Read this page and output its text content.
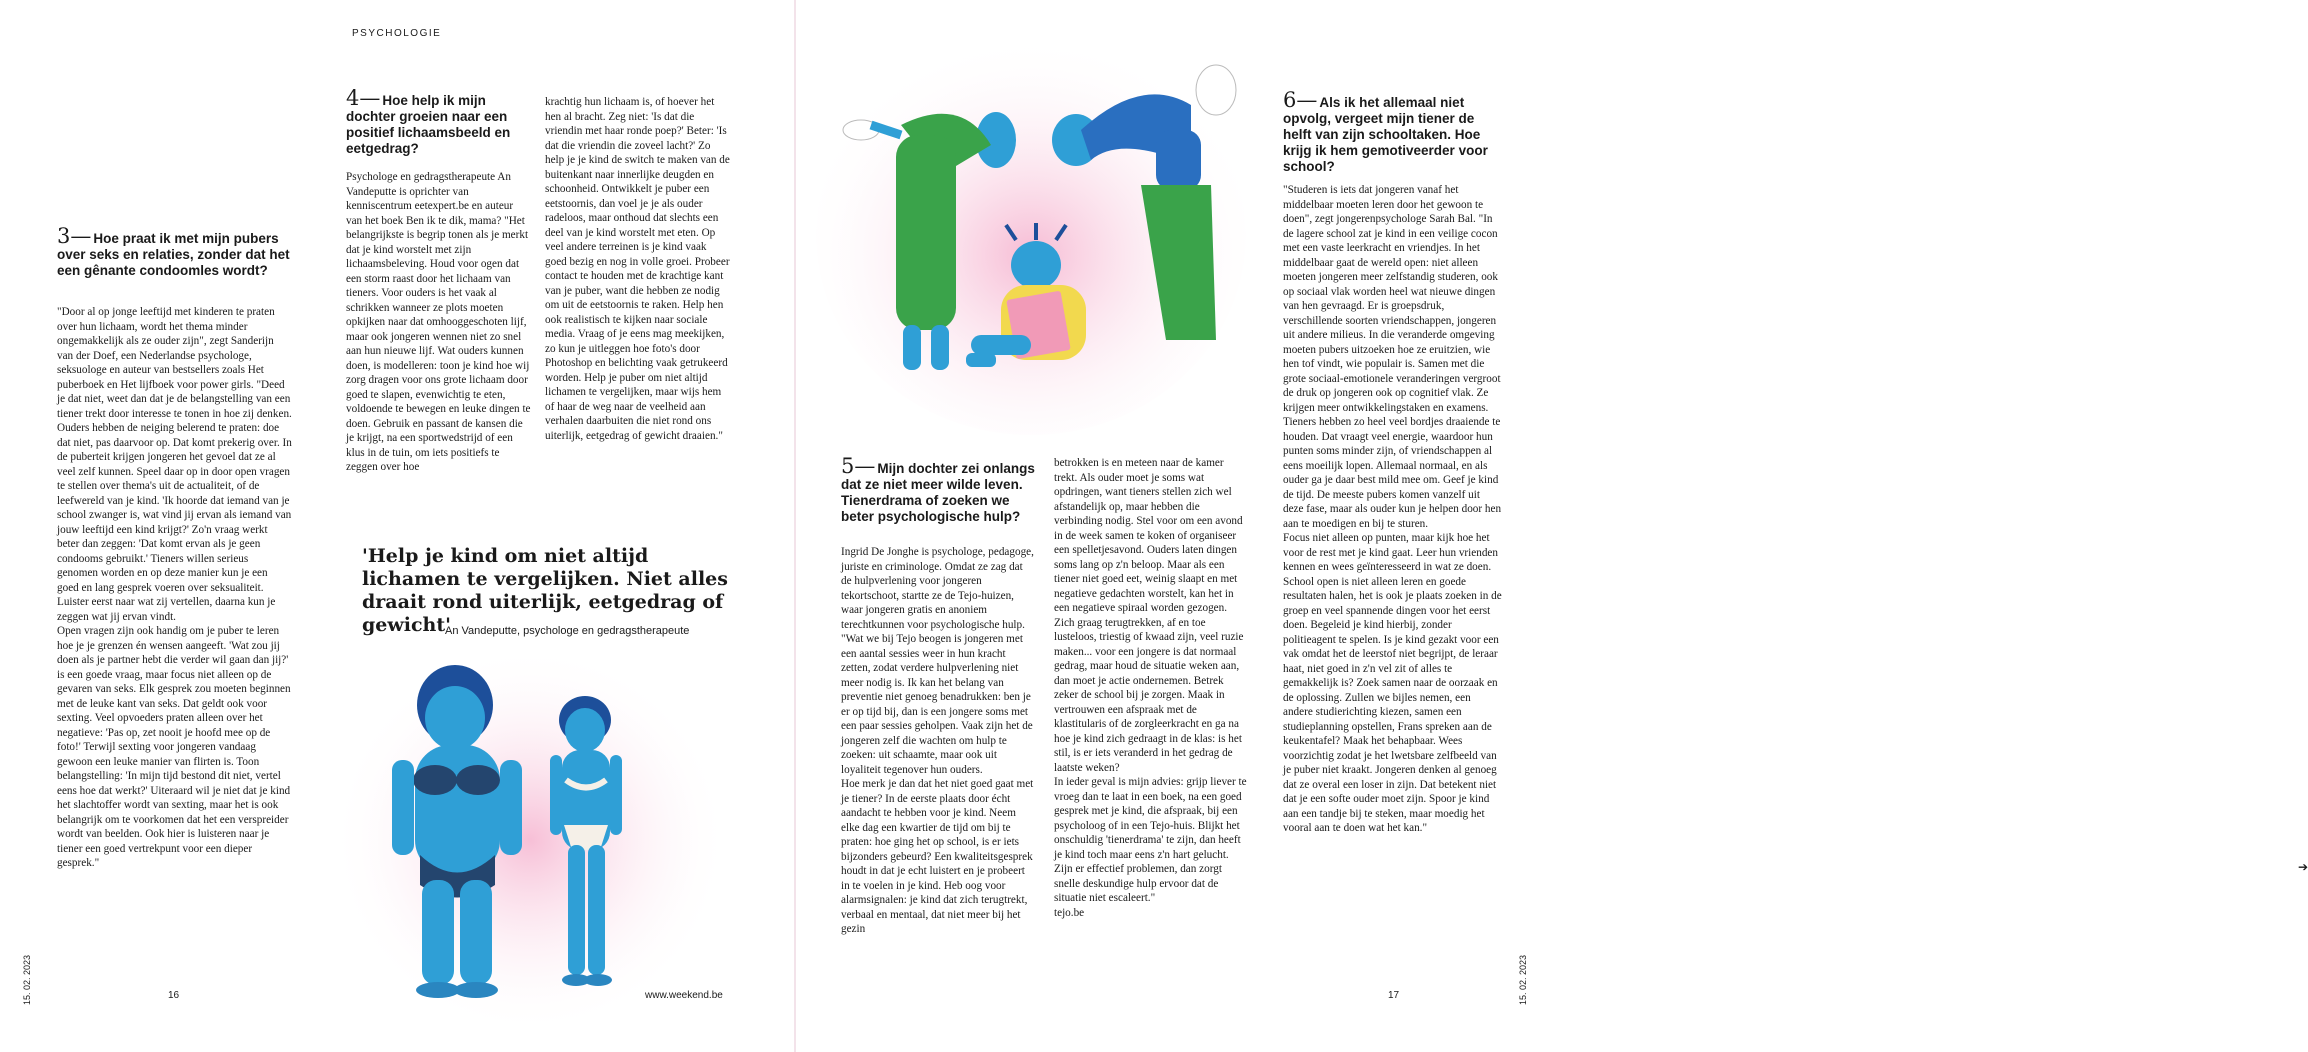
PSYCHOLOGIE
3— Hoe praat ik met mijn pubers over seks en relaties, zonder dat het een gênante condoomles wordt?
"Door al op jonge leeftijd met kinderen te praten over hun lichaam, wordt het thema minder ongemakkelijk als ze ouder zijn", zegt Sanderijn van der Doef, een Nederlandse psychologe, seksuologe en auteur van bestsellers zoals Het puberboek en Het lijfboek voor power girls. "Deed je dat niet, weet dan dat je de belangstelling van een tiener trekt door interesse te tonen in hoe zij denken. Ouders hebben de neiging belerend te praten: doe dat niet, pas daarvoor op. Dat komt prekerig over. In de puberteit krijgen jongeren het gevoel dat ze al veel zelf kunnen. Speel daar op in door open vragen te stellen over thema's uit de actualiteit, of de leefwereld van je kind. 'Ik hoorde dat iemand van je school zwanger is, wat vind jij ervan als iemand van jouw leeftijd een kind krijgt?' Zo'n vraag werkt beter dan zeggen: 'Dat komt ervan als je geen condooms gebruikt.' Tieners willen serieus genomen worden en op deze manier kun je een goed en lang gesprek voeren over seksualiteit. Luister eerst naar wat zij vertellen, daarna kun je zeggen wat jij ervan vindt.
Open vragen zijn ook handig om je puber te leren hoe je je grenzen én wensen aangeeft. 'Wat zou jij doen als je partner hebt die verder wil gaan dan jij?' is een goede vraag, maar focus niet alleen op de gevaren van seks. Elk gesprek zou moeten beginnen met de leuke kant van seks. Dat geldt ook voor sexting. Veel opvoeders praten alleen over het negatieve: 'Pas op, zet nooit je hoofd mee op de foto!' Terwijl sexting voor jongeren vandaag gewoon een leuke manier van flirten is. Toon belangstelling: 'In mijn tijd bestond dit niet, vertel eens hoe dat werkt?' Uiteraard wil je niet dat je kind het slachtoffer wordt van sexting, maar het is ook belangrijk om te voorkomen dat het een verspreider wordt van beelden. Ook hier is luisteren naar je tiener een goed vertrekpunt voor een dieper gesprek."
4— Hoe help ik mijn dochter groeien naar een positief lichaamsbeeld en eetgedrag?
Psychologe en gedragstherapeute An Vandeputte is oprichter van kenniscentrum eetexpert.be en auteur van het boek Ben ik te dik, mama? "Het belangrijkste is begrip tonen als je merkt dat je kind worstelt met zijn lichaamsbeleving. Houd voor ogen dat een storm raast door het lichaam van tieners. Voor ouders is het vaak al schrikken wanneer ze plots moeten opkijken naar dat omhooggeschoten lijf, maar ook jongeren wennen niet zo snel aan hun nieuwe lijf. Wat ouders kunnen doen, is modelleren: toon je kind hoe wij zorg dragen voor ons grote lichaam door goed te slapen, evenwichtig te eten, voldoende te bewegen en leuke dingen te doen. Gebruik en passant de kansen die je krijgt, na een sportwedstrijd of een klus in de tuin, om iets positiefs te zeggen over hoe
krachtig hun lichaam is, of hoever het hen al bracht. Zeg niet: 'Is dat die vriendin met haar ronde poep?' Beter: 'Is dat die vriendin die zoveel lacht?' Zo help je je kind de switch te maken van de buitenkant naar innerlijke deugden en schoonheid. Ontwikkelt je puber een eetstoornis, dan voel je je als ouder radeloos, maar onthoud dat slechts een deel van je kind worstelt met eten. Op veel andere terreinen is je kind vaak goed bezig en nog in volle groei. Probeer contact te houden met de krachtige kant van je puber, want die hebben ze nodig om uit de eetstoornis te raken. Help hen ook realistisch te kijken naar sociale media. Vraag of je eens mag meekijken, zo kun je uitleggen hoe foto's door Photoshop en belichting vaak getrukeerd worden. Help je puber om niet altijd lichamen te vergelijken, maar wijs hem of haar de weg naar de veelheid aan verhalen daarbuiten die niet rond ons uiterlijk, eetgedrag of gewicht draaien."
'Help je kind om niet altijd lichamen te vergelijken. Niet alles draait rond uiterlijk, eetgedrag of gewicht'
An Vandeputte, psychologe en gedragstherapeute
15. 02. 2023	16	www.weekend.be
6— Als ik het allemaal niet opvolg, vergeet mijn tiener de helft van zijn schooltaken. Hoe krijg ik hem gemotiveerder voor school?
"Studeren is iets dat jongeren vanaf het middelbaar moeten leren door het gewoon te doen", zegt jongerenpsychologe Sarah Bal. "In de lagere school zat je kind in een veilige cocon met een vaste leerkracht en vriendjes. In het middelbaar gaat de wereld open: niet alleen moeten jongeren meer zelfstandig studeren, ook op sociaal vlak worden heel wat nieuwe dingen van hen gevraagd. Er is groepsdruk, verschillende soorten vriendschappen, jongeren uit andere milieus. In die veranderde omgeving moeten pubers uitzoeken hoe ze eruitzien, wie hen tof vindt, wie populair is. Samen met die grote sociaal-emotionele veranderingen vergroot de druk op jongeren ook op cognitief vlak. Ze krijgen meer ontwikkelingstaken en examens. Tieners hebben zo heel veel bordjes draaiende te houden. Dat vraagt veel energie, waardoor hun punten soms minder zijn, of vriendschappen al eens moeilijk lopen. Allemaal normaal, en als ouder ga je daar best mild mee om. Geef je kind de tijd. De meeste pubers komen vanzelf uit deze fase, maar als ouder kun je helpen door hen aan te moedigen en bij te sturen.
Focus niet alleen op punten, maar kijk hoe het voor de rest met je kind gaat. Leer hun vrienden kennen en wees geïnteresseerd in wat ze doen. School open is niet alleen leren en goede resultaten halen, het is ook je plaats zoeken in de groep en veel spannende dingen voor het eerst doen. Begeleid je kind hierbij, zonder politieagent te spelen. Is je kind gezakt voor een vak omdat het de leerstof niet begrijpt, de leraar haat, niet goed in z'n vel zit of alles te gemakkelijk is? Zoek samen naar de oorzaak en de oplossing. Zullen we bijles nemen, een andere studierichting kiezen, samen een studieplanning opstellen, Frans spreken aan de keukentafel? Maak het behapbaar. Wees voorzichtig zodat je het lwetsbare zelfbeeld van je puber niet kraakt. Jongeren denken al genoeg dat ze overal een loser in zijn. Dat betekent niet dat je een softe ouder moet zijn. Spoor je kind aan een tandje bij te steken, maar moedig het vooral aan te doen wat het kan."
➔
5— Mijn dochter zei onlangs dat ze niet meer wilde leven. Tienerdrama of zoeken we beter psychologische hulp?
Ingrid De Jonghe is psychologe, pedagoge, juriste en criminologe. Omdat ze zag dat de hulpverlening voor jongeren tekortschoot, startte ze de Tejo-huizen, waar jongeren gratis en anoniem terechtkunnen voor psychologische hulp. "Wat we bij Tejo beogen is jongeren met een aantal sessies weer in hun kracht zetten, zodat verdere hulpverlening niet meer nodig is. Ik kan het belang van preventie niet genoeg benadrukken: ben je er op tijd bij, dan is een jongere soms met een paar sessies geholpen. Vaak zijn het de jongeren zelf die wachten om hulp te zoeken: uit schaamte, maar ook uit loyaliteit tegenover hun ouders.
Hoe merk je dan dat het niet goed gaat met je tiener? In de eerste plaats door écht aandacht te hebben voor je kind. Neem elke dag een kwartier de tijd om bij te praten: hoe ging het op school, is er iets bijzonders gebeurd? Een kwaliteitsgesprek houdt in dat je echt luistert en je probeert in te voelen in je kind. Heb oog voor alarmsignalen: je kind dat zich terugtrekt, verbaal en mentaal, dat niet meer bij het gezin
betrokken is en meteen naar de kamer trekt. Als ouder moet je soms wat opdringen, want tieners stellen zich wel afstandelijk op, maar hebben die verbinding nodig. Stel voor om een avond in de week samen te koken of organiseer een spelletjesavond. Ouders laten dingen soms lang op z'n beloop. Maar als een tiener niet goed eet, weinig slaapt en met negatieve gedachten worstelt, kan het in een negatieve spiraal worden gezogen. Zich graag terugtrekken, af en toe lusteloos, triestig of kwaad zijn, veel ruzie maken... voor een jongere is dat normaal gedrag, maar houd de situatie weken aan, dan moet je actie ondernemen. Betrek zeker de school bij je zorgen. Maak in vertrouwen een afspraak met de klastitularis of de zorgleerkracht en ga na hoe je kind zich gedraagt in de klas: is het stil, is er iets veranderd in het gedrag de laatste weken?
In ieder geval is mijn advies: grijp liever te vroeg dan te laat in een boek, na een goed gesprek met je kind, die afspraak, bij een psycholoog of in een Tejo-huis. Blijkt het onschuldig 'tienerdrama' te zijn, dan heeft je kind toch maar eens z'n hart gelucht. Zijn er effectief problemen, dan zorgt snelle deskundige hulp ervoor dat de situatie niet escaleert."
tejo.be
17	15. 02. 2023
